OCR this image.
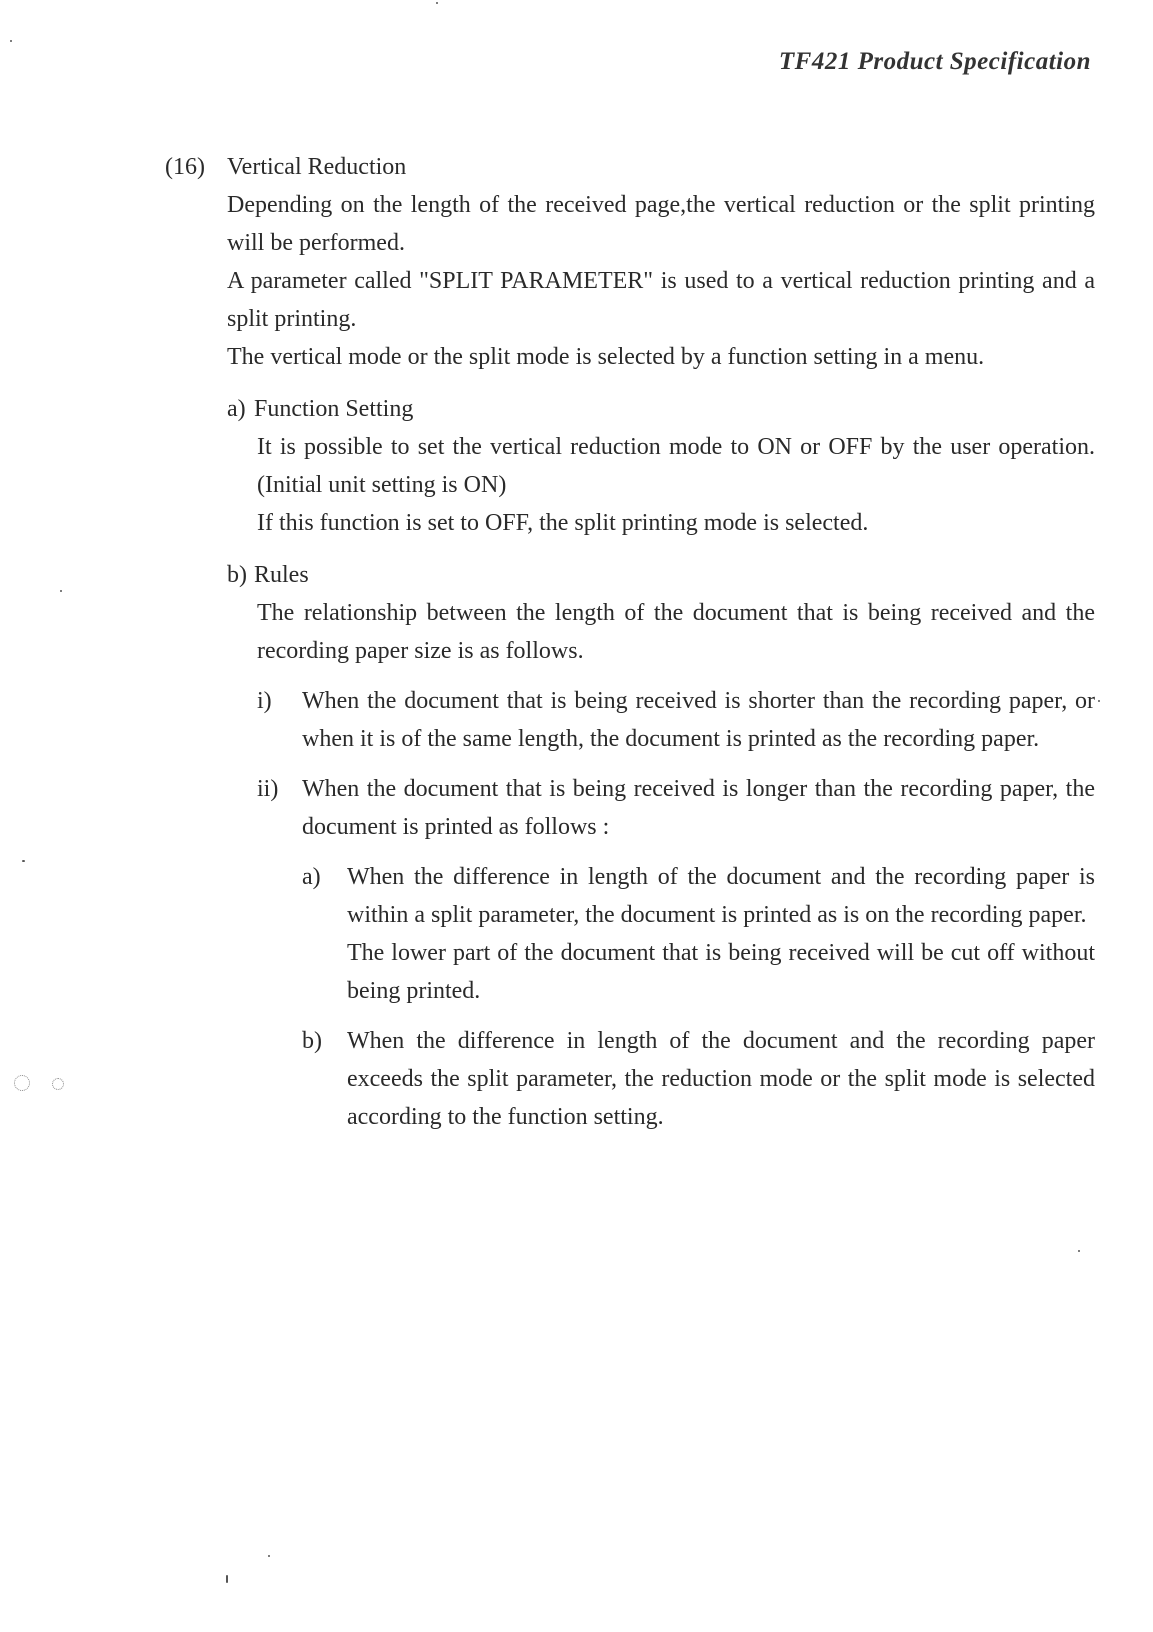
TF421 Product Specification
(16) Vertical Reduction

Depending on the length of the received page,the vertical reduction or the split printing will be performed.

A parameter called "SPLIT PARAMETER" is used to a vertical reduction printing and a split printing.

The vertical mode or the split mode is selected by a function setting in a menu.

a) Function Setting

It is possible to set the vertical reduction mode to ON or OFF by the user operation. (Initial unit setting is ON)

If this function is set to OFF, the split printing mode is selected.

b) Rules

The relationship between the length of the document that is being received and the recording paper size is as follows.

i) When the document that is being received is shorter than the recording paper, or when it is of the same length, the document is printed as the recording paper.

ii) When the document that is being received is longer than the recording paper, the document is printed as follows :

a) When the difference in length of the document and the recording paper is within a split parameter, the document is printed as is on the recording paper.

The lower part of the document that is being received will be cut off without being printed.

b) When the difference in length of the document and the recording paper exceeds the split parameter, the reduction mode or the split mode is selected according to the function setting.
